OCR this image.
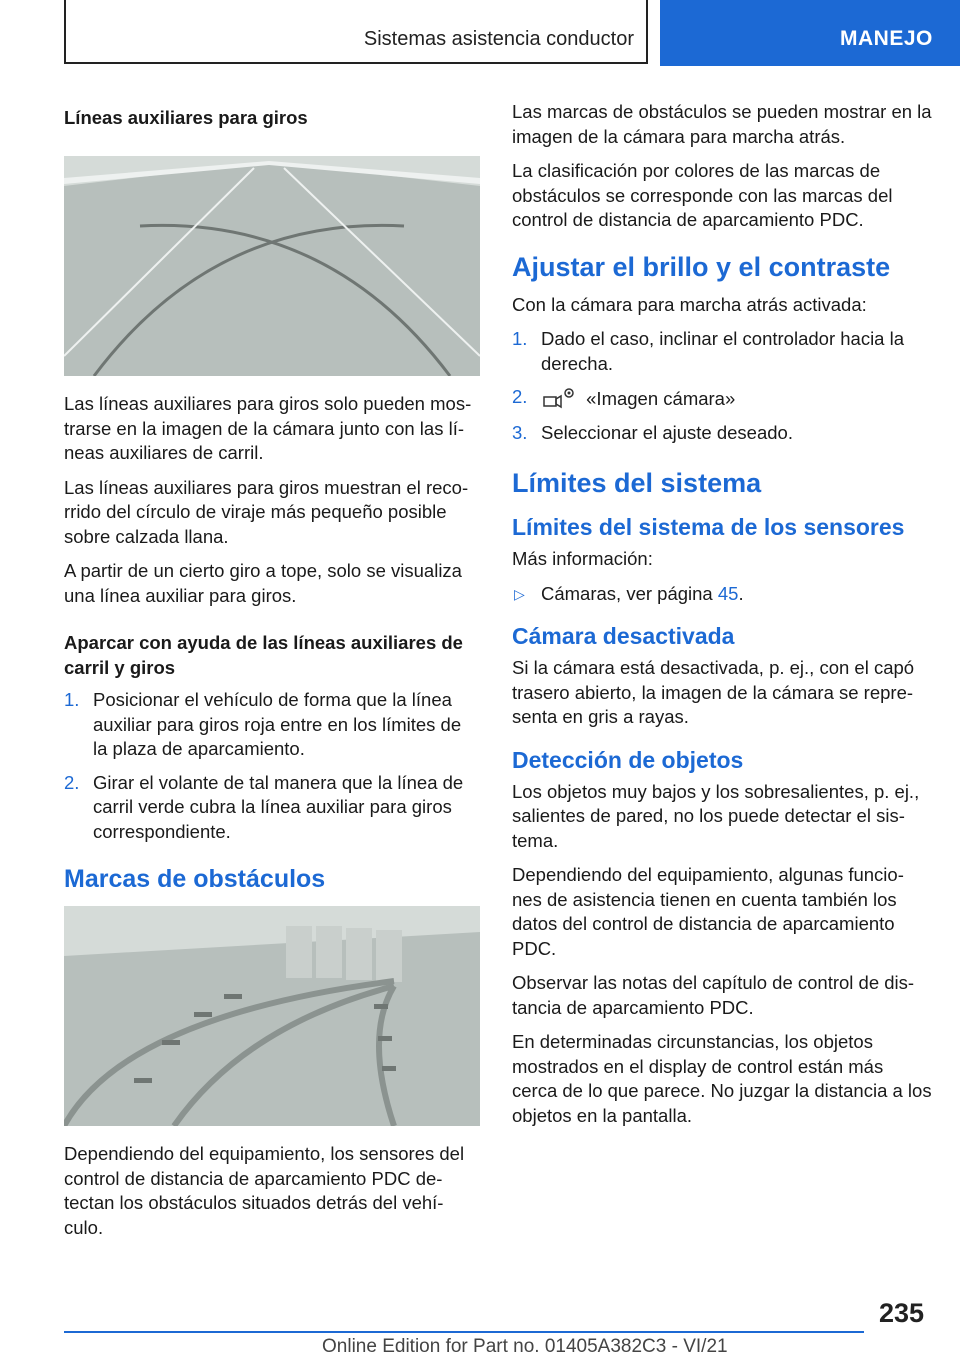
Sistemas asistencia conductor	MANEJO
Líneas auxiliares para giros

Las líneas auxiliares para giros solo pueden mos-trarse en la imagen de la cámara junto con las lí-neas auxiliares de carril.

Las líneas auxiliares para giros muestran el reco-rrido del círculo de viraje más pequeño posible sobre calzada llana.

A partir de un cierto giro a tope, solo se visualiza una línea auxiliar para giros.

Aparcar con ayuda de las líneas auxiliares de carril y giros
1. Posicionar el vehículo de forma que la línea auxiliar para giros roja entre en los límites de la plaza de aparcamiento.
2. Girar el volante de tal manera que la línea de carril verde cubra la línea auxiliar para giros correspondiente.
Marcas de obstáculos

Dependiendo del equipamiento, los sensores del control de distancia de aparcamiento PDC de-tectan los obstáculos situados detrás del vehí-culo.

Las marcas de obstáculos se pueden mostrar en la imagen de la cámara para marcha atrás.

La clasificación por colores de las marcas de obstáculos se corresponde con las marcas del control de distancia de aparcamiento PDC.

Ajustar el brillo y el contraste

Con la cámara para marcha atrás activada:

1. Dado el caso, inclinar el controlador hacia la derecha.
2.	«Imagen cámara»
3. Seleccionar el ajuste deseado.
Límites del sistema
Límites del sistema de los sensores

Más información:

▷ Cámaras, ver página 45.
Cámara desactivada

Si la cámara está desactivada, p. ej., con el capó trasero abierto, la imagen de la cámara se repre-senta en gris a rayas.

Detección de objetos

Los objetos muy bajos y los sobresalientes, p. ej., salientes de pared, no los puede detectar el sis-tema.

Dependiendo del equipamiento, algunas funcio-nes de asistencia tienen en cuenta también los datos del control de distancia de aparcamiento PDC.

Observar las notas del capítulo de control de dis-tancia de aparcamiento PDC.

En determinadas circunstancias, los objetos mostrados en el display de control están más cerca de lo que parece. No juzgar la distancia a los objetos en la pantalla.

235
Online Edition for Part no. 01405A382C3 - VI/21
